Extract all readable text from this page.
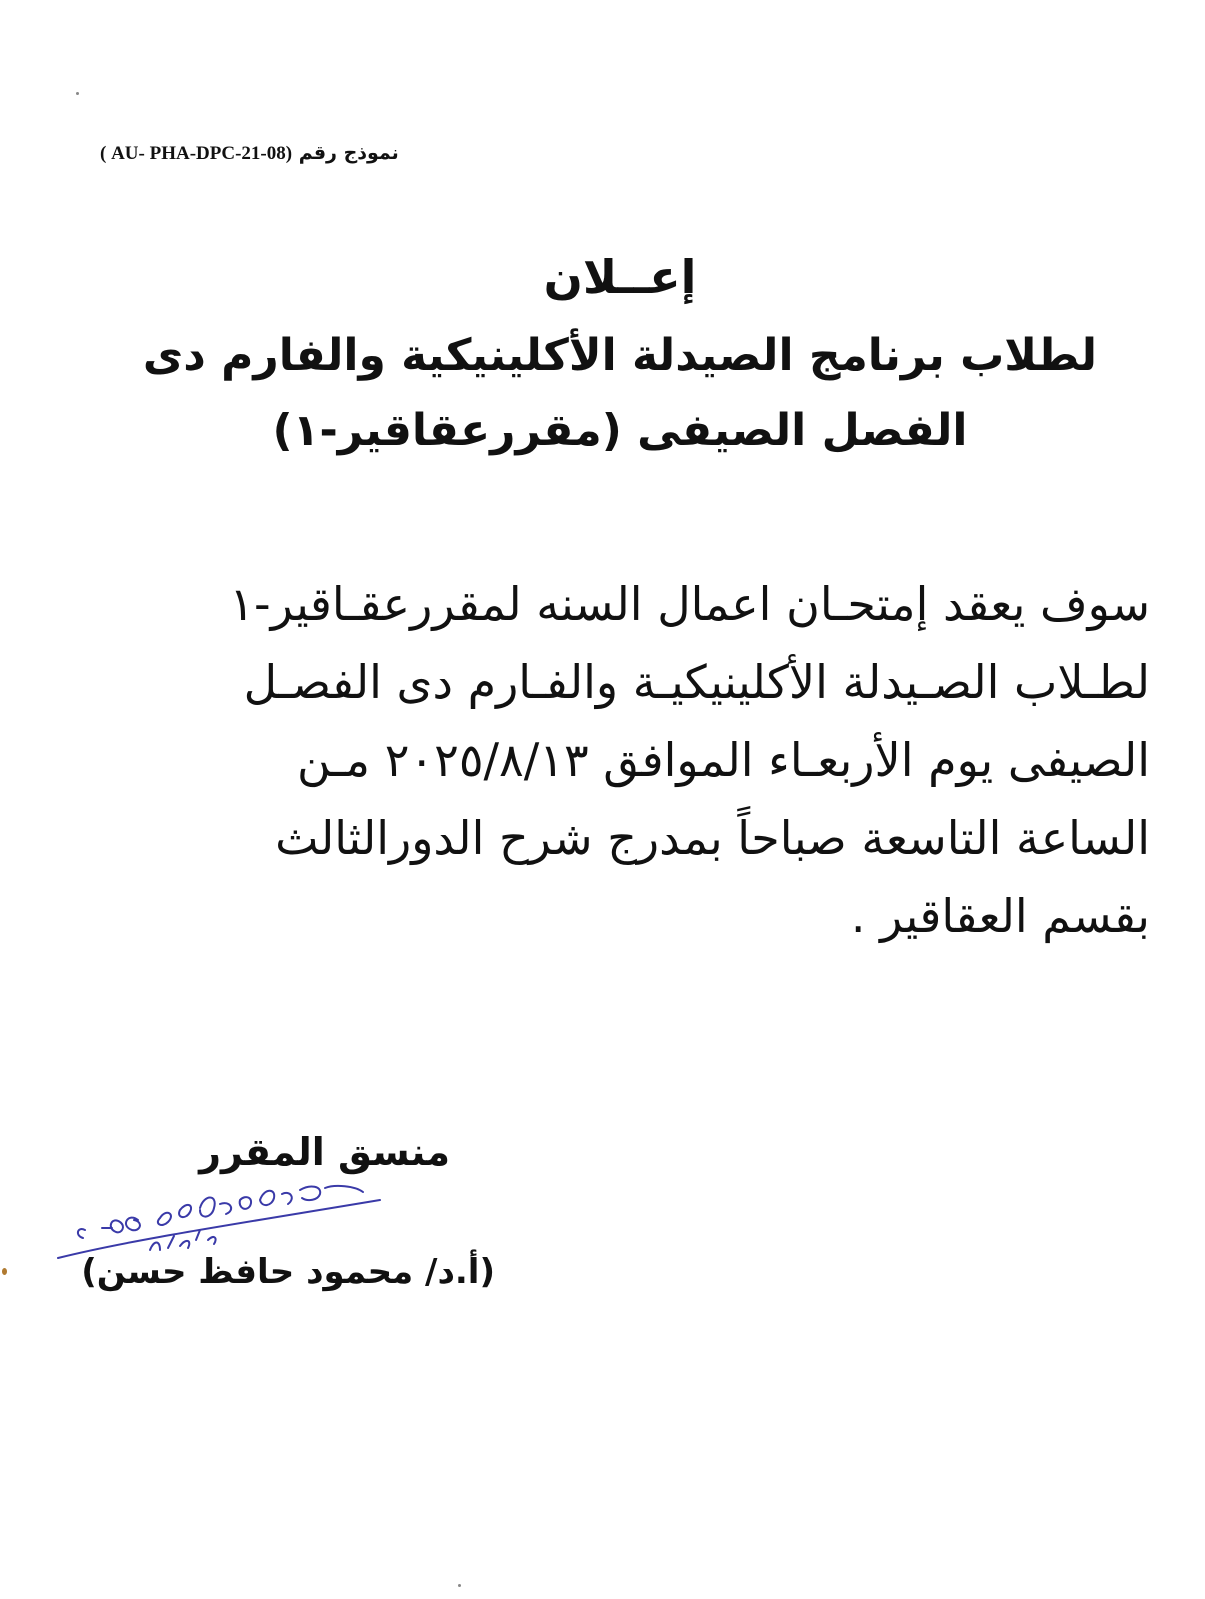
نموذج رقم ( AU- PHA-DPC-21-08)
إعــلان
لطلاب برنامج الصيدلة الأكلينيكية والفارم دى
الفصل الصيفى (مقررعقاقير-١)
سوف يعقد إمتحـان اعمال السنه لمقررعقـاقير-١
لطـلاب الصـيدلة الأكلينيكيـة والفـارم دى الفصـل
الصيفى يوم الأربعـاء الموافق ٢٠٢٥/٨/١٣ مـن
الساعة التاسعة صباحاً بمدرج شرح الدورالثالث
بقسم العقاقير .
منسق المقرر
(أ.د/ محمود حافظ حسن)
